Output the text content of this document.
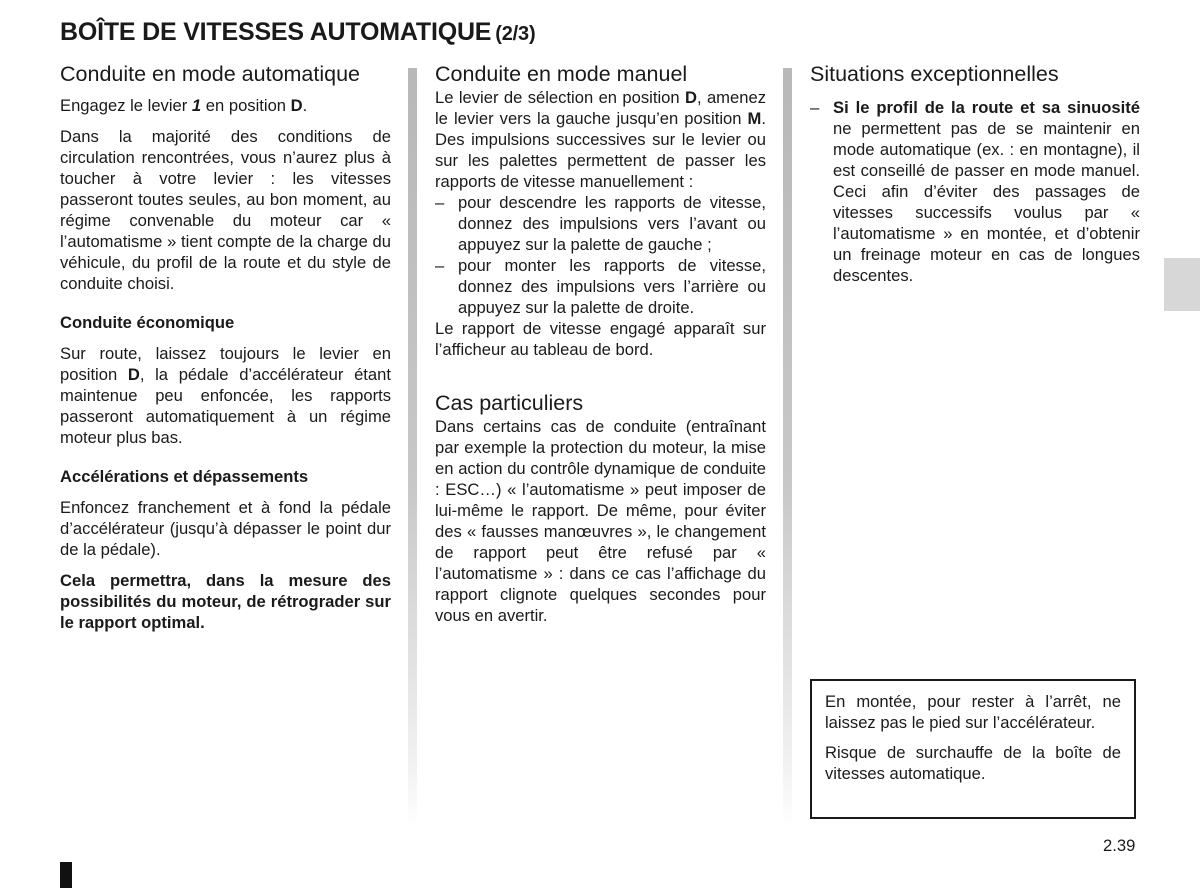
BOÎTE DE VITESSES AUTOMATIQUE (2/3)
Conduite en mode automatique

Engagez le levier 1 en position D.

Dans la majorité des conditions de circulation rencontrées, vous n’aurez plus à toucher à votre levier : les vitesses passeront toutes seules, au bon moment, au régime convenable du moteur car « l’automatisme » tient compte de la charge du véhicule, du profil de la route et du style de conduite choisi.

Conduite économique

Sur route, laissez toujours le levier en position D, la pédale d’accélérateur étant maintenue peu enfoncée, les rapports passeront automatiquement à un régime moteur plus bas.

Accélérations et dépassements

Enfoncez franchement et à fond la pédale d’accélérateur (jusqu’à dépasser le point dur de la pédale).

Cela permettra, dans la mesure des possibilités du moteur, de rétrograder sur le rapport optimal.

Conduite en mode manuel

Le levier de sélection en position D, amenez le levier vers la gauche jusqu’en position M. Des impulsions successives sur le levier ou sur les palettes permettent de passer les rapports de vitesse manuellement :

– pour descendre les rapports de vitesse, donnez des impulsions vers l’avant ou appuyez sur la palette de gauche ;
– pour monter les rapports de vitesse, donnez des impulsions vers l’arrière ou appuyez sur la palette de droite.

Le rapport de vitesse engagé apparaît sur l’afficheur au tableau de bord.

Cas particuliers

Dans certains cas de conduite (entraînant par exemple la protection du moteur, la mise en action du contrôle dynamique de conduite : ESC…) « l’automatisme » peut imposer de lui-même le rapport. De même, pour éviter des « fausses manœuvres », le changement de rapport peut être refusé par « l’automatisme » : dans ce cas l’affichage du rapport clignote quelques secondes pour vous en avertir.

Situations exceptionnelles
– Si le profil de la route et sa sinuosité ne permettent pas de se maintenir en mode automatique (ex. : en montagne), il est conseillé de passer en mode manuel. Ceci afin d’éviter des passages de vitesses successifs voulus par « l’automatisme » en montée, et d’obtenir un freinage moteur en cas de longues descentes.

En montée, pour rester à l’arrêt, ne laissez pas le pied sur l’accélérateur.

Risque de surchauffe de la boîte de vitesses automatique.

2.39
